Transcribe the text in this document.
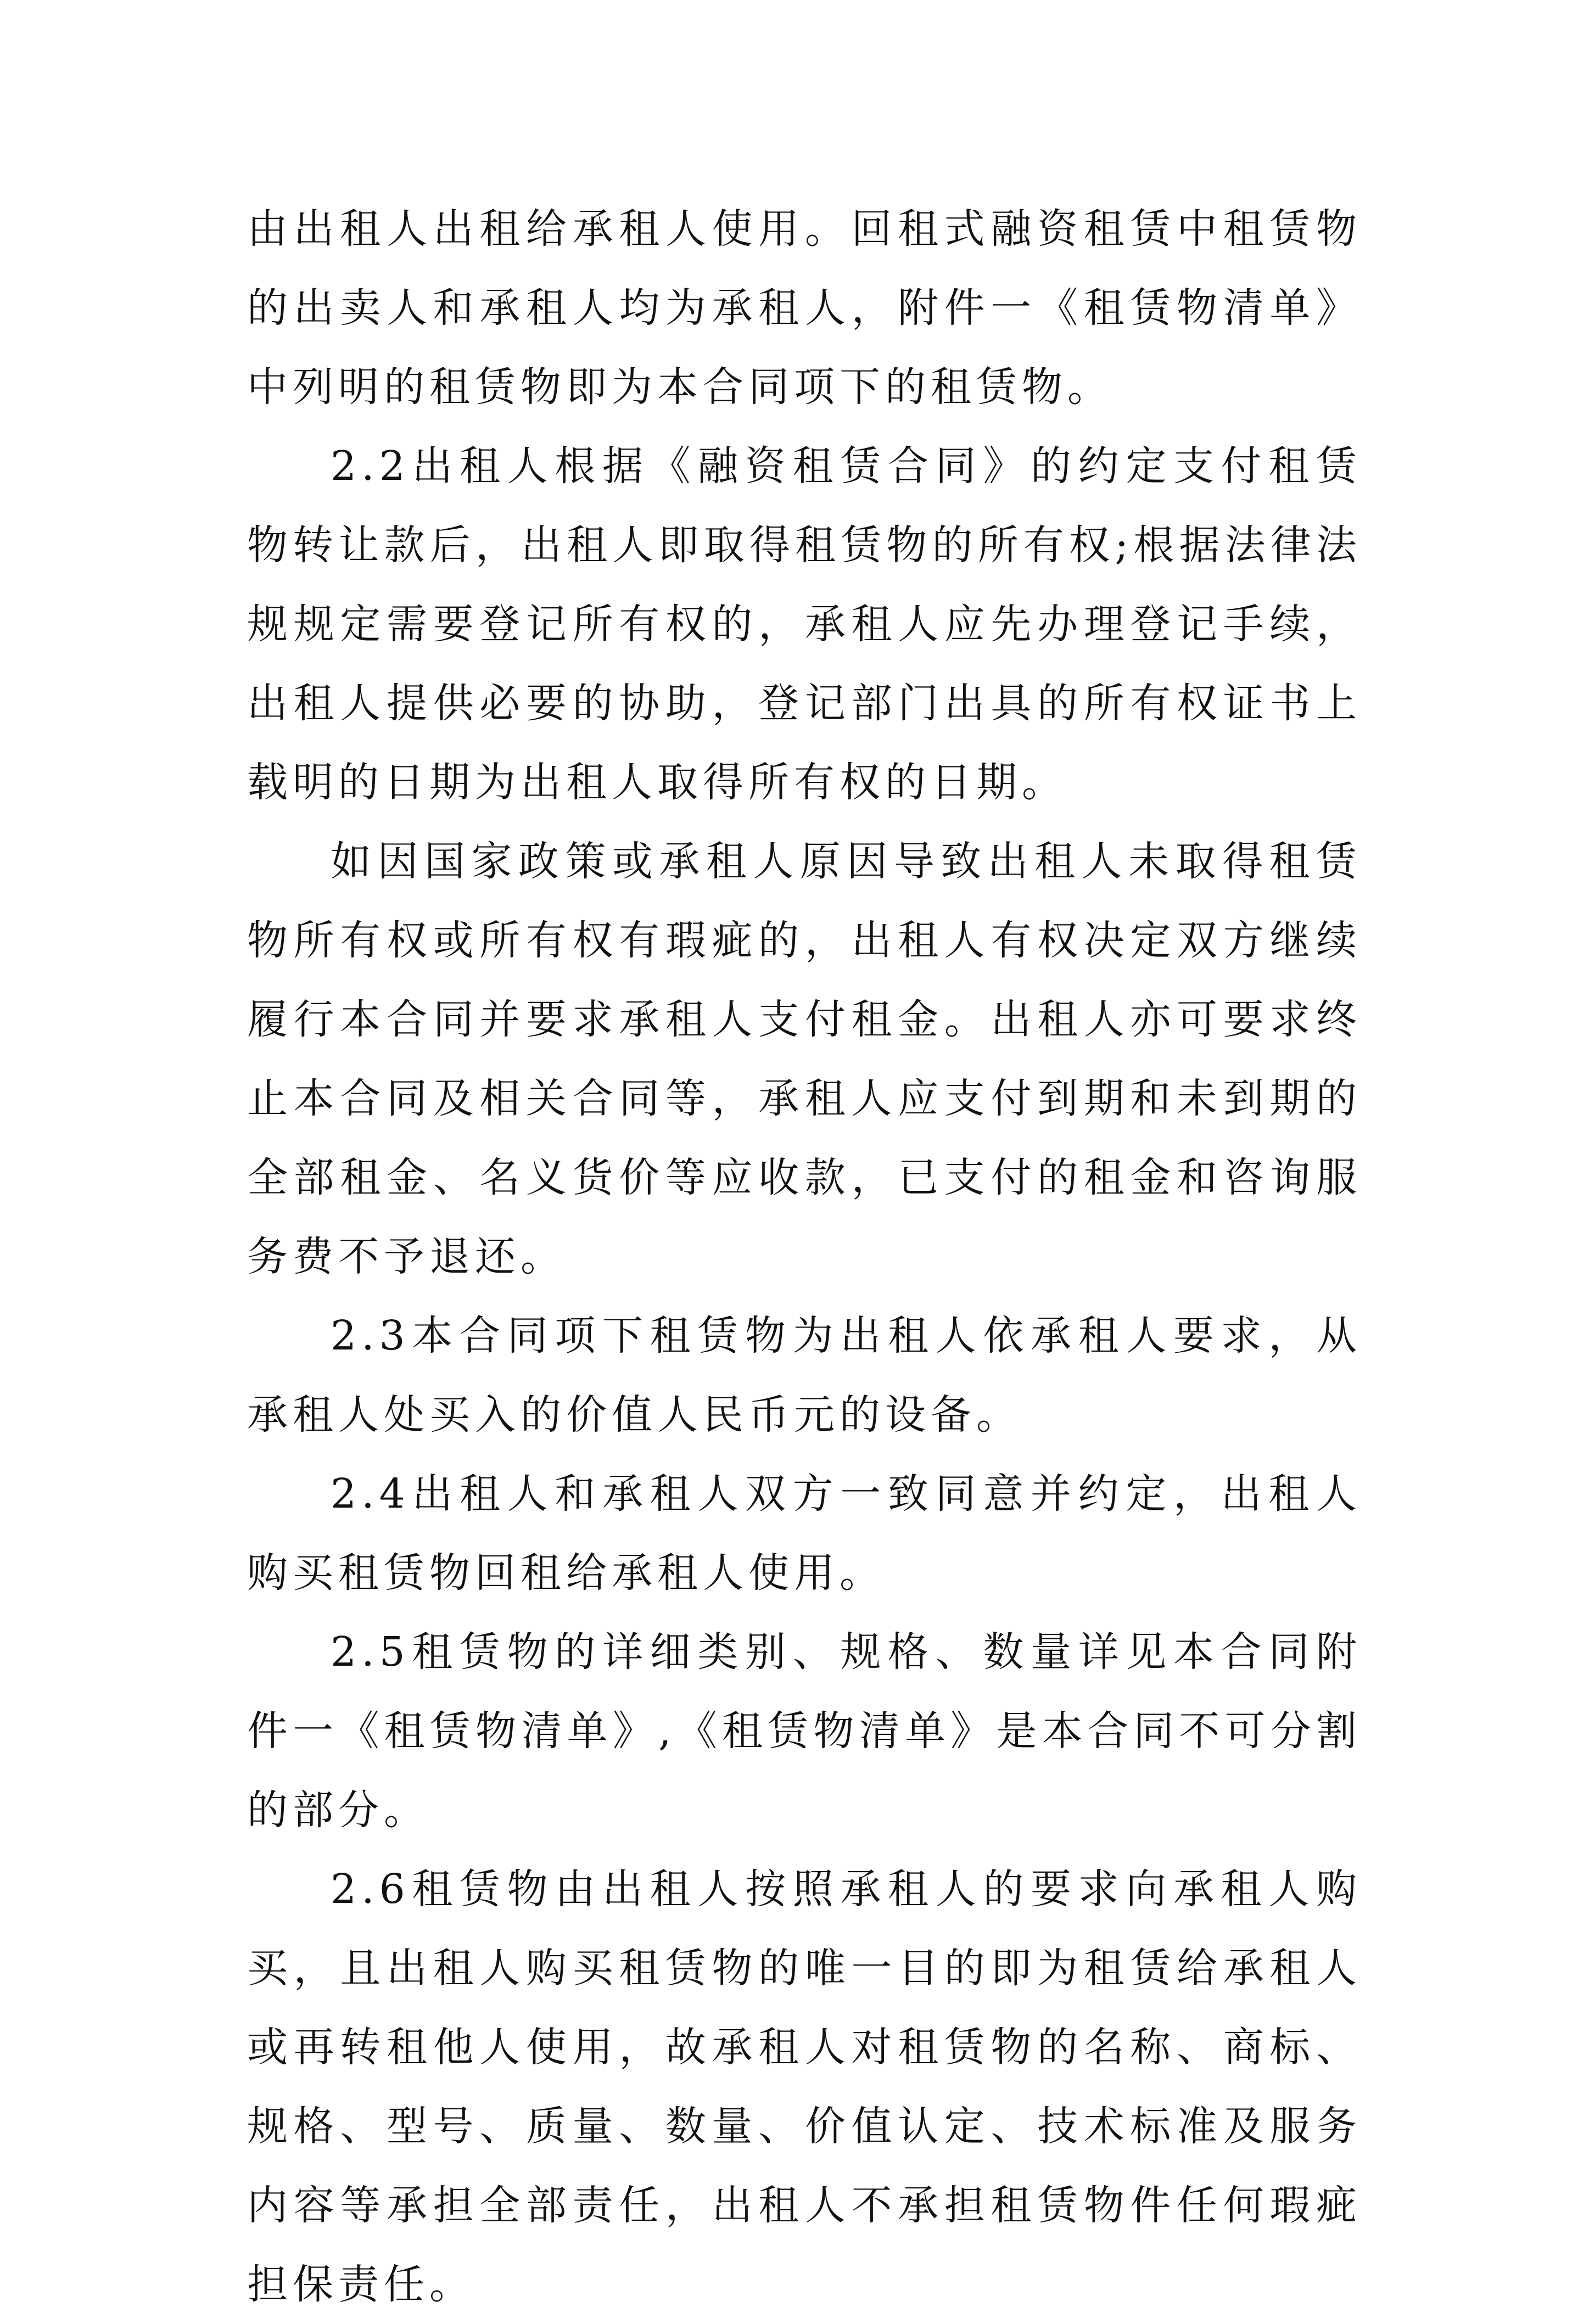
由出租人出租给承租人使用。回租式融资租赁中租赁物的出卖人和承租人均为承租人，附件一《租赁物清单》中列明的租赁物即为本合同项下的租赁物。

2.2出租人根据《融资租赁合同》的约定支付租赁物转让款后，出租人即取得租赁物的所有权;根据法律法规规定需要登记所有权的，承租人应先办理登记手续，出租人提供必要的协助，登记部门出具的所有权证书上载明的日期为出租人取得所有权的日期。

如因国家政策或承租人原因导致出租人未取得租赁物所有权或所有权有瑕疵的，出租人有权决定双方继续履行本合同并要求承租人支付租金。出租人亦可要求终止本合同及相关合同等，承租人应支付到期和未到期的全部租金、名义货价等应收款，已支付的租金和咨询服务费不予退还。

2.3本合同项下租赁物为出租人依承租人要求，从承租人处买入的价值人民币元的设备。

2.4出租人和承租人双方一致同意并约定，出租人购买租赁物回租给承租人使用。

2.5租赁物的详细类别、规格、数量详见本合同附件一《租赁物清单》,《租赁物清单》是本合同不可分割的部分。

2.6租赁物由出租人按照承租人的要求向承租人购买，且出租人购买租赁物的唯一目的即为租赁给承租人或再转租他人使用，故承租人对租赁物的名称、商标、规格、型号、质量、数量、价值认定、技术标准及服务内容等承担全部责任，出租人不承担租赁物件任何瑕疵担保责任。
